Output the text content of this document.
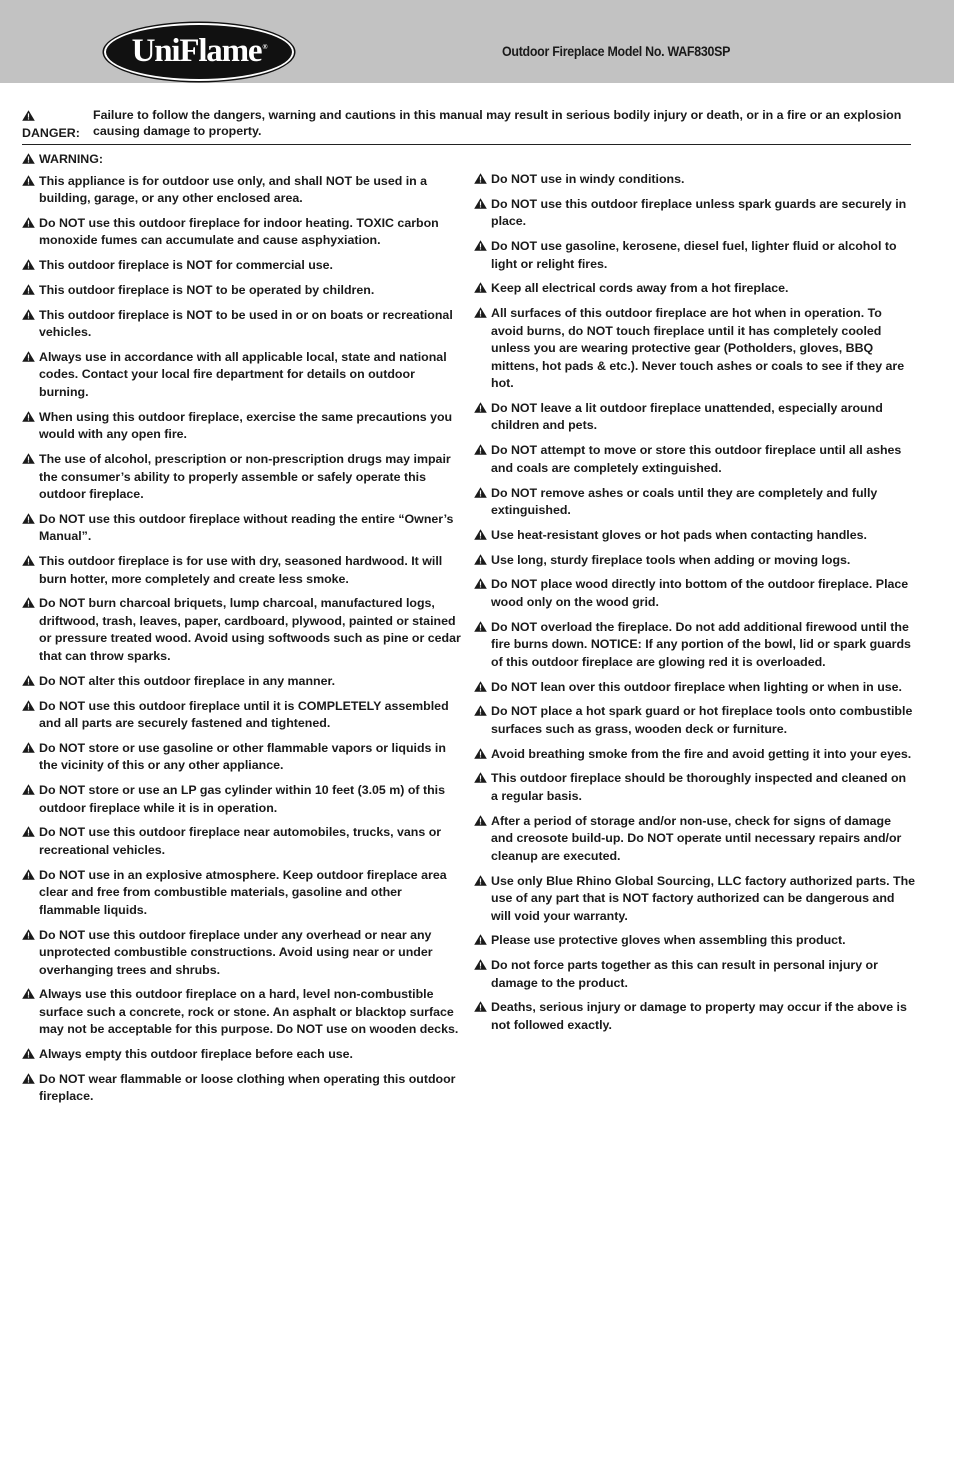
UniFlame®	Outdoor Fireplace Model No. WAF830SP
DANGER:Failure to follow the dangers, warning and cautions in this manual may result in serious bodily injury or death, or in a fire or an explosion causing damage to property.
WARNING:
This appliance is for outdoor use only, and shall NOT be used in a building, garage, or any other enclosed area.
Do NOT use this outdoor fireplace for indoor heating. TOXIC carbon monoxide fumes can accumulate and cause asphyxiation.
This outdoor fireplace is NOT for commercial use.
This outdoor fireplace is NOT to be operated by children.
This outdoor fireplace is NOT to be used in or on boats or recreational vehicles.
Always use in accordance with all applicable local, state and national codes. Contact your local fire department for details on outdoor burning.
When using this outdoor fireplace, exercise the same precautions you would with any open fire.
The use of alcohol, prescription or non-prescription drugs may impair the consumer’s ability to properly assemble or safely operate this outdoor fireplace.
Do NOT use this outdoor fireplace without reading the entire “Owner’s Manual”.
This outdoor fireplace is for use with dry, seasoned hardwood. It will burn hotter, more completely and create less smoke.
Do NOT burn charcoal briquets, lump charcoal, manufactured logs, driftwood, trash, leaves, paper, cardboard, plywood, painted or stained or pressure treated wood. Avoid using softwoods such as pine or cedar that can throw sparks.
Do NOT alter this outdoor fireplace in any manner.
Do NOT use this outdoor fireplace until it is COMPLETELY assembled and all parts are securely fastened and tightened.
Do NOT store or use gasoline or other flammable vapors or liquids in the vicinity of this or any other appliance.
Do NOT store or use an LP gas cylinder within 10 feet (3.05 m) of this outdoor fireplace while it is in operation.
Do NOT use this outdoor fireplace near automobiles, trucks, vans or recreational vehicles.
Do NOT use in an explosive atmosphere. Keep outdoor fireplace area clear and free from combustible materials, gasoline and other flammable liquids.
Do NOT use this outdoor fireplace under any overhead or near any unprotected combustible constructions. Avoid using near or under overhanging trees and shrubs.
Always use this outdoor fireplace on a hard, level non-combustible surface such a concrete, rock or stone. An asphalt or blacktop surface may not be acceptable for this purpose. Do NOT use on wooden decks.
Always empty this outdoor fireplace before each use.
Do NOT wear flammable or loose clothing when operating this outdoor fireplace.
Do NOT use in windy conditions.
Do NOT use this outdoor fireplace unless spark guards are securely in place.
Do NOT use gasoline, kerosene, diesel fuel, lighter fluid or alcohol to light or relight fires.
Keep all electrical cords away from a hot fireplace.
All surfaces of this outdoor fireplace are hot when in operation. To avoid burns, do NOT touch fireplace until it has completely cooled unless you are wearing protective gear (Potholders, gloves, BBQ mittens, hot pads & etc.). Never touch ashes or coals to see if they are hot.
Do NOT leave a lit outdoor fireplace unattended, especially around children and pets.
Do NOT attempt to move or store this outdoor fireplace until all ashes and coals are completely extinguished.
Do NOT remove ashes or coals until they are completely and fully extinguished.
Use heat-resistant gloves or hot pads when contacting handles.
Use long, sturdy fireplace tools when adding or moving logs.
Do NOT place wood directly into bottom of the outdoor fireplace. Place wood only on the wood grid.
Do NOT overload the fireplace. Do not add additional firewood until the fire burns down. NOTICE: If any portion of the bowl, lid or spark guards of this outdoor fireplace are glowing red it is overloaded.
Do NOT lean over this outdoor fireplace when lighting or when in use.
Do NOT place a hot spark guard or hot fireplace tools onto combustible surfaces such as grass, wooden deck or furniture.
Avoid breathing smoke from the fire and avoid getting it into your eyes.
This outdoor fireplace should be thoroughly inspected and cleaned on a regular basis.
After a period of storage and/or non-use, check for signs of damage and creosote build-up. Do NOT operate until necessary repairs and/or cleanup are executed.
Use only Blue Rhino Global Sourcing, LLC factory authorized parts. The use of any part that is NOT factory authorized can be dangerous and will void your warranty.
Please use protective gloves when assembling this product.
Do not force parts together as this can result in personal injury or damage to the product.
Deaths, serious injury or damage to property may occur if the above is not followed exactly.
